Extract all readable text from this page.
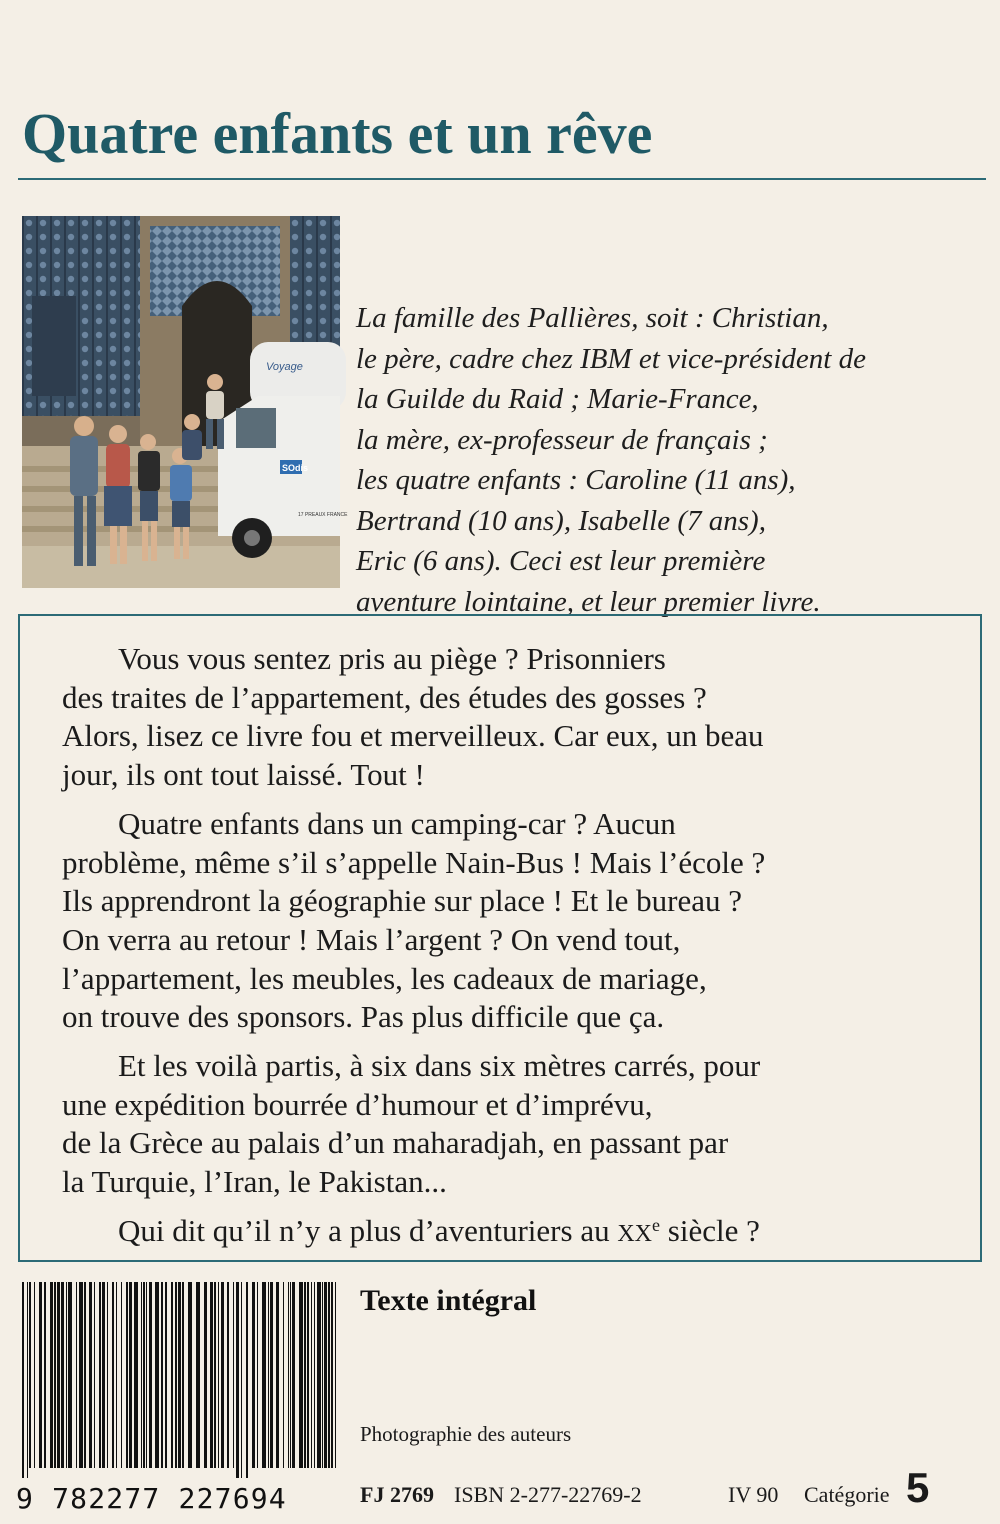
Quatre enfants et un rêve
Voyage
SOdis
17 PREAUX FRANCE
La famille des Pallières, soit : Christian,
le père, cadre chez IBM et vice-président de
la Guilde du Raid ; Marie-France,
la mère, ex-professeur de français ;
les quatre enfants : Caroline (11 ans),
Bertrand (10 ans), Isabelle (7 ans),
Eric (6 ans). Ceci est leur première
aventure lointaine, et leur premier livre.

Vous vous sentez pris au piège ? Prisonniers
des traites de l’appartement, des études des gosses ?
Alors, lisez ce livre fou et merveilleux. Car eux, un beau
jour, ils ont tout laissé. Tout !

Quatre enfants dans un camping-car ? Aucun
problème, même s’il s’appelle Nain-Bus ! Mais l’école ?
Ils apprendront la géographie sur place ! Et le bureau ?
On verra au retour ! Mais l’argent ? On vend tout,
l’appartement, les meubles, les cadeaux de mariage,
on trouve des sponsors. Pas plus difficile que ça.

Et les voilà partis, à six dans six mètres carrés, pour
une expédition bourrée d’humour et d’imprévu,
de la Grèce au palais d’un maharadjah, en passant par
la Turquie, l’Iran, le Pakistan...

Qui dit qu’il n’y a plus d’aventuriers au XXe siècle ?

9 782277 227694
Texte intégral
Photographie des auteurs
FJ 2769 ISBN 2-277-22769-2	IV 90 Catégorie 5
